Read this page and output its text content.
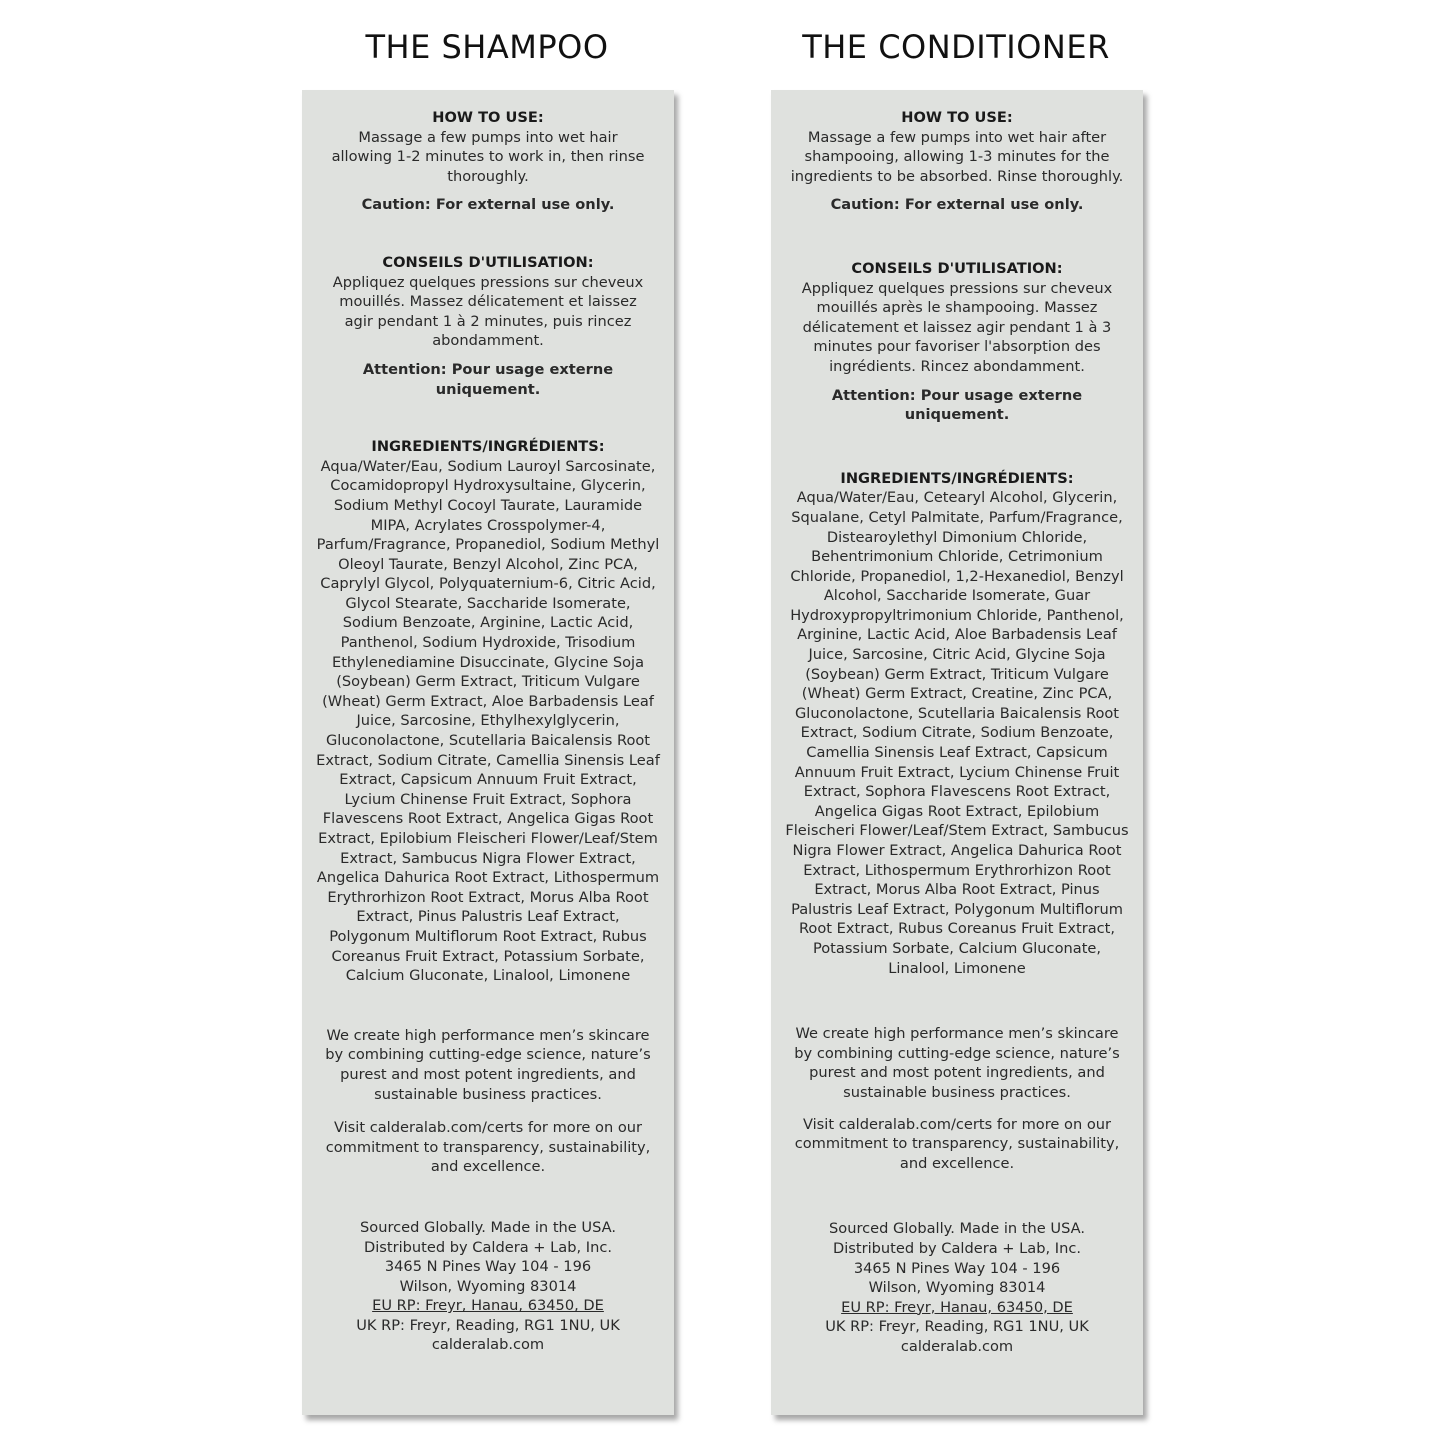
THE SHAMPOO

HOW TO USE:

Massage a few pumps into wet hair allowing 1-2 minutes to work in, then rinse thoroughly.

Caution: For external use only.

CONSEILS D'UTILISATION:

Appliquez quelques pressions sur cheveux mouillés. Massez délicatement et laissez agir pendant 1 à 2 minutes, puis rincez abondamment.

Attention: Pour usage externe uniquement.

INGREDIENTS/INGRÉDIENTS:

Aqua/Water/Eau, Sodium Lauroyl Sarcosinate, Cocamidopropyl Hydroxysultaine, Glycerin, Sodium Methyl Cocoyl Taurate, Lauramide MIPA, Acrylates Crosspolymer-4, Parfum/Fragrance, Propanediol, Sodium Methyl Oleoyl Taurate, Benzyl Alcohol, Zinc PCA, Caprylyl Glycol, Polyquaternium-6, Citric Acid, Glycol Stearate, Saccharide Isomerate, Sodium Benzoate, Arginine, Lactic Acid, Panthenol, Sodium Hydroxide, Trisodium Ethylenediamine Disuccinate, Glycine Soja (Soybean) Germ Extract, Triticum Vulgare (Wheat) Germ Extract, Aloe Barbadensis Leaf Juice, Sarcosine, Ethylhexylglycerin, Gluconolactone, Scutellaria Baicalensis Root Extract, Sodium Citrate, Camellia Sinensis Leaf Extract, Capsicum Annuum Fruit Extract, Lycium Chinense Fruit Extract, Sophora Flavescens Root Extract, Angelica Gigas Root Extract, Epilobium Fleischeri Flower/Leaf/Stem Extract, Sambucus Nigra Flower Extract, Angelica Dahurica Root Extract, Lithospermum Erythrorhizon Root Extract, Morus Alba Root Extract, Pinus Palustris Leaf Extract, Polygonum Multiflorum Root Extract, Rubus Coreanus Fruit Extract, Potassium Sorbate, Calcium Gluconate, Linalool, Limonene

We create high performance men’s skincare by combining cutting-edge science, nature’s purest and most potent ingredients, and sustainable business practices.

Visit calderalab.com/certs for more on our commitment to transparency, sustainability, and excellence.

Sourced Globally. Made in the USA.

Distributed by Caldera + Lab, Inc.

3465 N Pines Way 104 - 196

Wilson, Wyoming 83014

EU RP: Freyr, Hanau, 63450, DE

UK RP: Freyr, Reading, RG1 1NU, UK

calderalab.com

THE CONDITIONER

HOW TO USE:

Massage a few pumps into wet hair after shampooing, allowing 1-3 minutes for the ingredients to be absorbed. Rinse thoroughly.

Caution: For external use only.

CONSEILS D'UTILISATION:

Appliquez quelques pressions sur cheveux mouillés après le shampooing. Massez délicatement et laissez agir pendant 1 à 3 minutes pour favoriser l'absorption des ingrédients. Rincez abondamment.

Attention: Pour usage externe uniquement.

INGREDIENTS/INGRÉDIENTS:

Aqua/Water/Eau, Cetearyl Alcohol, Glycerin, Squalane, Cetyl Palmitate, Parfum/Fragrance, Distearoylethyl Dimonium Chloride, Behentrimonium Chloride, Cetrimonium Chloride, Propanediol, 1,2-Hexanediol, Benzyl Alcohol, Saccharide Isomerate, Guar Hydroxypropyltrimonium Chloride, Panthenol, Arginine, Lactic Acid, Aloe Barbadensis Leaf Juice, Sarcosine, Citric Acid, Glycine Soja (Soybean) Germ Extract, Triticum Vulgare (Wheat) Germ Extract, Creatine, Zinc PCA, Gluconolactone, Scutellaria Baicalensis Root Extract, Sodium Citrate, Sodium Benzoate, Camellia Sinensis Leaf Extract, Capsicum Annuum Fruit Extract, Lycium Chinense Fruit Extract, Sophora Flavescens Root Extract, Angelica Gigas Root Extract, Epilobium Fleischeri Flower/Leaf/Stem Extract, Sambucus Nigra Flower Extract, Angelica Dahurica Root Extract, Lithospermum Erythrorhizon Root Extract, Morus Alba Root Extract, Pinus Palustris Leaf Extract, Polygonum Multiflorum Root Extract, Rubus Coreanus Fruit Extract, Potassium Sorbate, Calcium Gluconate, Linalool, Limonene

We create high performance men’s skincare by combining cutting-edge science, nature’s purest and most potent ingredients, and sustainable business practices.

Visit calderalab.com/certs for more on our commitment to transparency, sustainability, and excellence.

Sourced Globally. Made in the USA.

Distributed by Caldera + Lab, Inc.

3465 N Pines Way 104 - 196

Wilson, Wyoming 83014

EU RP: Freyr, Hanau, 63450, DE

UK RP: Freyr, Reading, RG1 1NU, UK

calderalab.com
